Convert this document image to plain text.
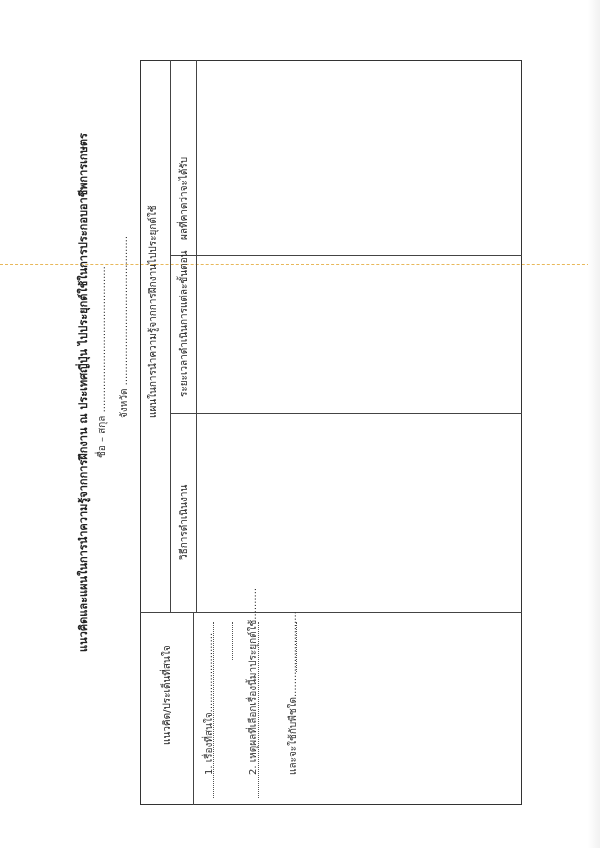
แนวคิดและแผนในการนำความรู้จากการฝึกงาน ณ ประเทศญี่ปุ่น ไปประยุกต์ใช้ในการประกอบอาชีพการเกษตร ชื่อ – สกุล .............................................. จังหวัด ...............................................
แนวคิด/ประเด็นที่สนใจ
แผนในการนำความรู้จากการฝึกงานไปประยุกต์ใช้
วิธีการดำเนินงาน
ระยะเวลาดำเนินการแต่ละขั้นตอน
ผลที่คาดว่าจะได้รับ
1. เรื่องที่สนใจ.........................	2. เหตุผลที่เลือกเรื่องนี้มาประยุกต์ใช้..........	และจะใช้กับพืชใด...........................
